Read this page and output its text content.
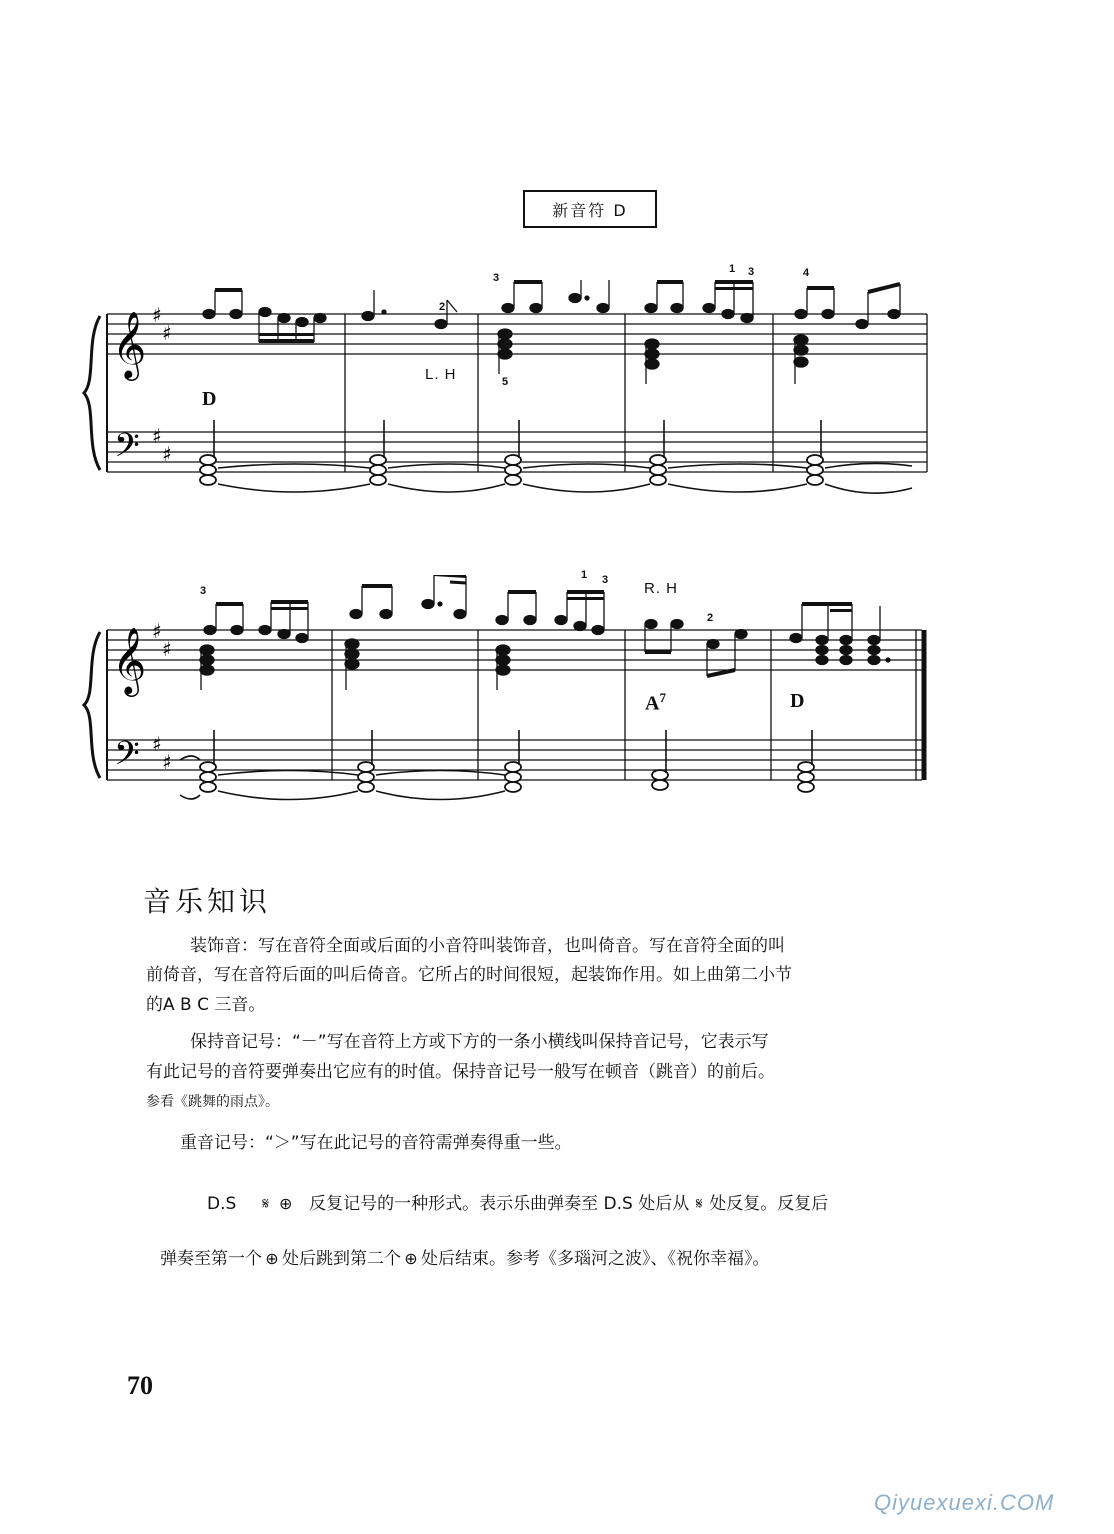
𝄞
𝄢
♯
♯
♯
♯
2
3
5
1 3	4
L. H
D
新音符 D
𝄞
𝄢
♯
♯
♯
♯
3
1 3
2
R. H
$A^7$	D
音乐知识
装饰音：写在音符全面或后面的小音符叫装饰音，也叫倚音。写在音符全面的叫
前倚音，写在音符后面的叫后倚音。它所占的时间很短，起装饰作用。如上曲第二小节
的A B C 三音。
保持音记号：“－”写在音符上方或下方的一条小横线叫保持音记号，它表示写
有此记号的音符要弹奏出它应有的时值。保持音记号一般写在顿音（跳音）的前后。
参看《跳舞的雨点》。
重音记号：“＞”写在此记号的音符需弹奏得重一些。
D.S 𝄋 ⊕ 反复记号的一种形式。表示乐曲弹奏至 D.S 处后从 𝄋 处反复。反复后
弹奏至第一个 ⊕ 处后跳到第二个 ⊕ 处后结束。参考《多瑙河之波》、《祝你幸福》。
70
Qiyuexuexi.COM
